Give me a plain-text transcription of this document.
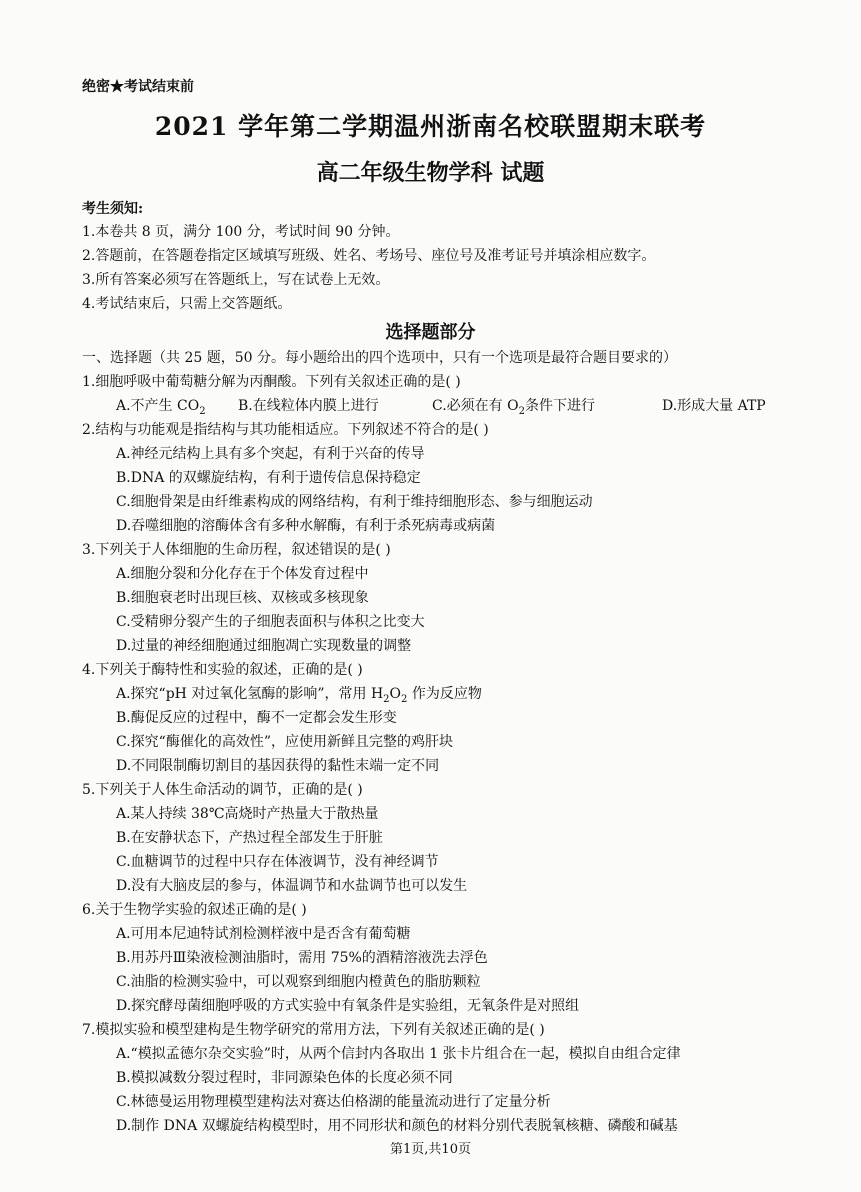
绝密★考试结束前
2021 学年第二学期温州浙南名校联盟期末联考
高二年级生物学科 试题
考生须知:
1.本卷共 8 页，满分 100 分，考试时间 90 分钟。
2.答题前，在答题卷指定区域填写班级、姓名、考场号、座位号及准考证号并填涂相应数字。
3.所有答案必须写在答题纸上，写在试卷上无效。
4.考试结束后，只需上交答题纸。
选择题部分
一、选择题（共 25 题，50 分。每小题给出的四个选项中，只有一个选项是最符合题目要求的）
1.细胞呼吸中葡萄糖分解为丙酮酸。下列有关叙述正确的是( )
A.不产生 $CO_2$	B.在线粒体内膜上进行	C.必须在有 $O_2$条件下进行	D.形成大量 ATP
2.结构与功能观是指结构与其功能相适应。下列叙述不符合的是( )
A.神经元结构上具有多个突起，有利于兴奋的传导
B.DNA 的双螺旋结构，有利于遗传信息保持稳定
C.细胞骨架是由纤维素构成的网络结构，有利于维持细胞形态、参与细胞运动
D.吞噬细胞的溶酶体含有多种水解酶，有利于杀死病毒或病菌
3.下列关于人体细胞的生命历程，叙述错误的是( )
A.细胞分裂和分化存在于个体发育过程中
B.细胞衰老时出现巨核、双核或多核现象
C.受精卵分裂产生的子细胞表面积与体积之比变大
D.过量的神经细胞通过细胞凋亡实现数量的调整
4.下列关于酶特性和实验的叙述，正确的是( )
A.探究“pH 对过氧化氢酶的影响”，常用 $H_2O_2$ 作为反应物
B.酶促反应的过程中，酶不一定都会发生形变
C.探究“酶催化的高效性”，应使用新鲜且完整的鸡肝块
D.不同限制酶切割目的基因获得的黏性末端一定不同
5.下列关于人体生命活动的调节，正确的是( )
A.某人持续 38℃高烧时产热量大于散热量
B.在安静状态下，产热过程全部发生于肝脏
C.血糖调节的过程中只存在体液调节，没有神经调节
D.没有大脑皮层的参与，体温调节和水盐调节也可以发生
6.关于生物学实验的叙述正确的是( )
A.可用本尼迪特试剂检测样液中是否含有葡萄糖
B.用苏丹Ⅲ染液检测油脂时，需用 75%的酒精溶液洗去浮色
C.油脂的检测实验中，可以观察到细胞内橙黄色的脂肪颗粒
D.探究酵母菌细胞呼吸的方式实验中有氧条件是实验组，无氧条件是对照组
7.模拟实验和模型建构是生物学研究的常用方法，下列有关叙述正确的是( )
A.“模拟孟德尔杂交实验”时，从两个信封内各取出 1 张卡片组合在一起，模拟自由组合定律
B.模拟减数分裂过程时，非同源染色体的长度必须不同
C.林德曼运用物理模型建构法对赛达伯格湖的能量流动进行了定量分析
D.制作 DNA 双螺旋结构模型时，用不同形状和颜色的材料分别代表脱氧核糖、磷酸和碱基
第1页,共10页
